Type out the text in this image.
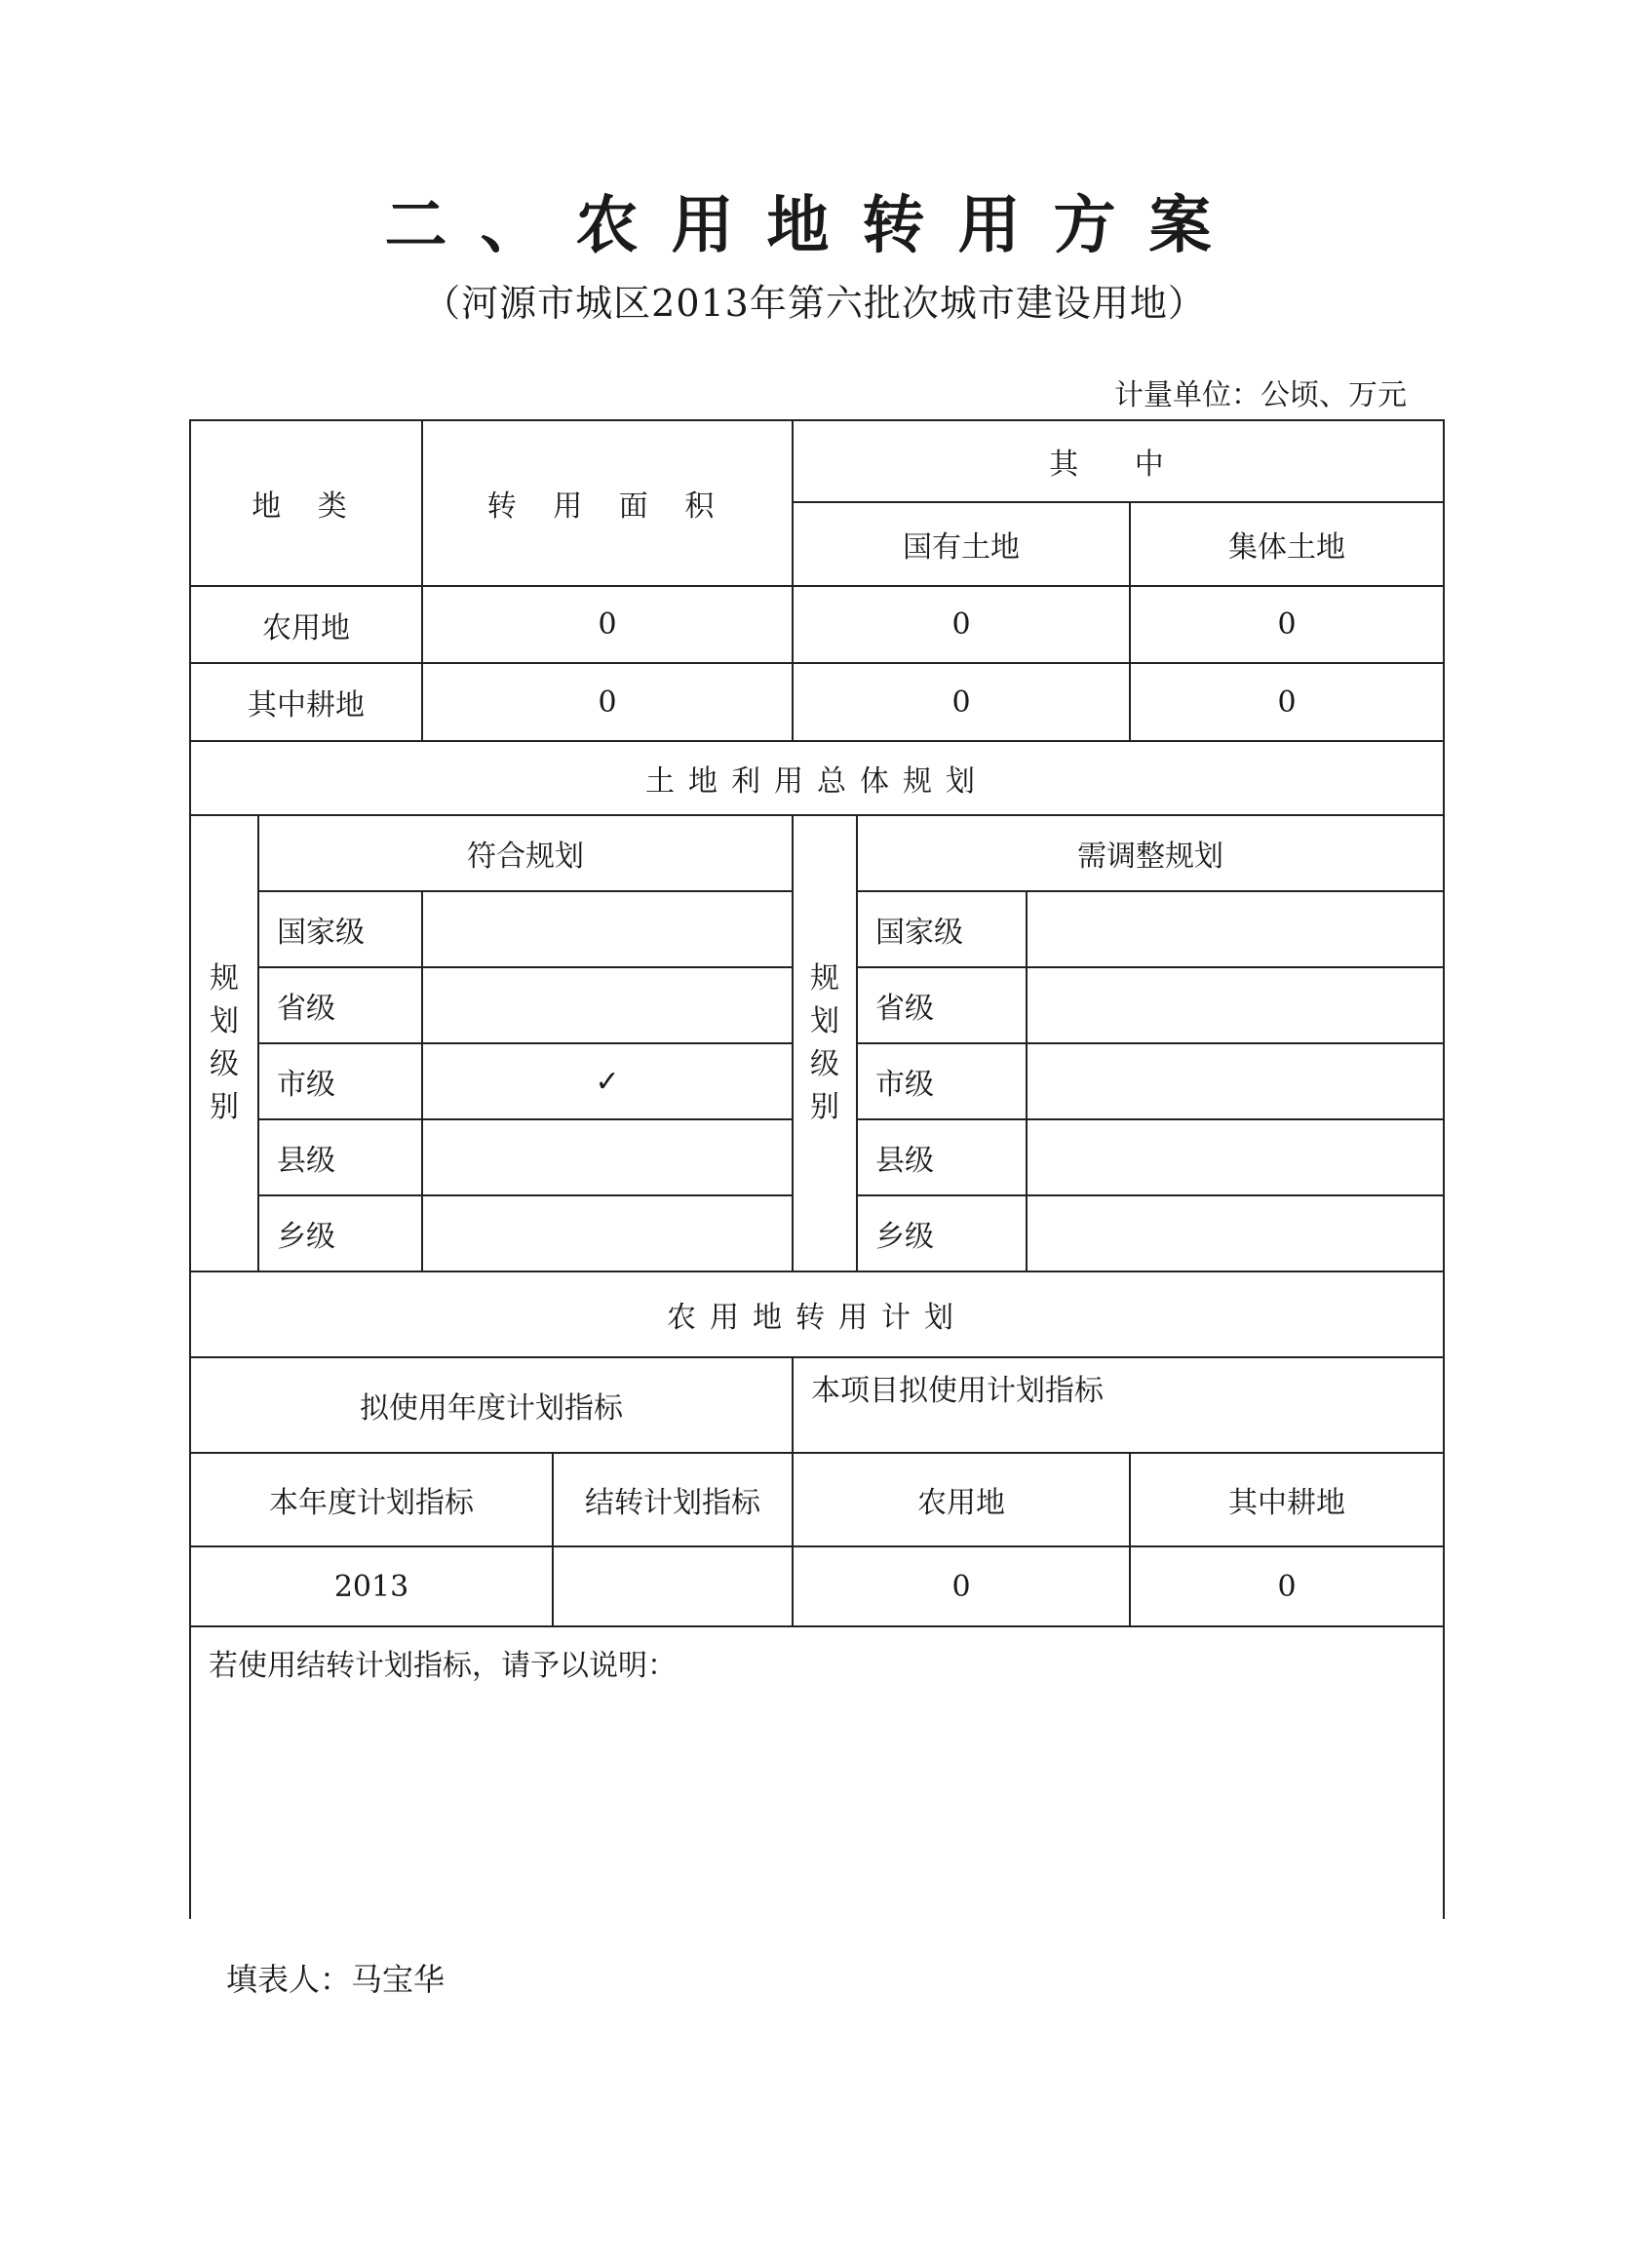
二、农用地转用方案
（河源市城区2013年第六批次城市建设用地）
计量单位：公顷、万元
地 类		转 用 面 积		其 中			
				国有土地			集体土地
农用地		0		0			0
其中耕地		0		0			0
土地利用总体规划							
规划级别	符合规划			规划级别	需调整规划		
	国家级				国家级		
	省级				省级		
	市级	✓			市级		
	县级				县级		
	乡级				乡级		
农用地转用计划							
拟使用年度计划指标				本项目拟使用计划指标			
本年度计划指标			结转计划指标	农用地			其中耕地
2013				0			0
若使用结转计划指标，请予以说明：							
填表人：马宝华
